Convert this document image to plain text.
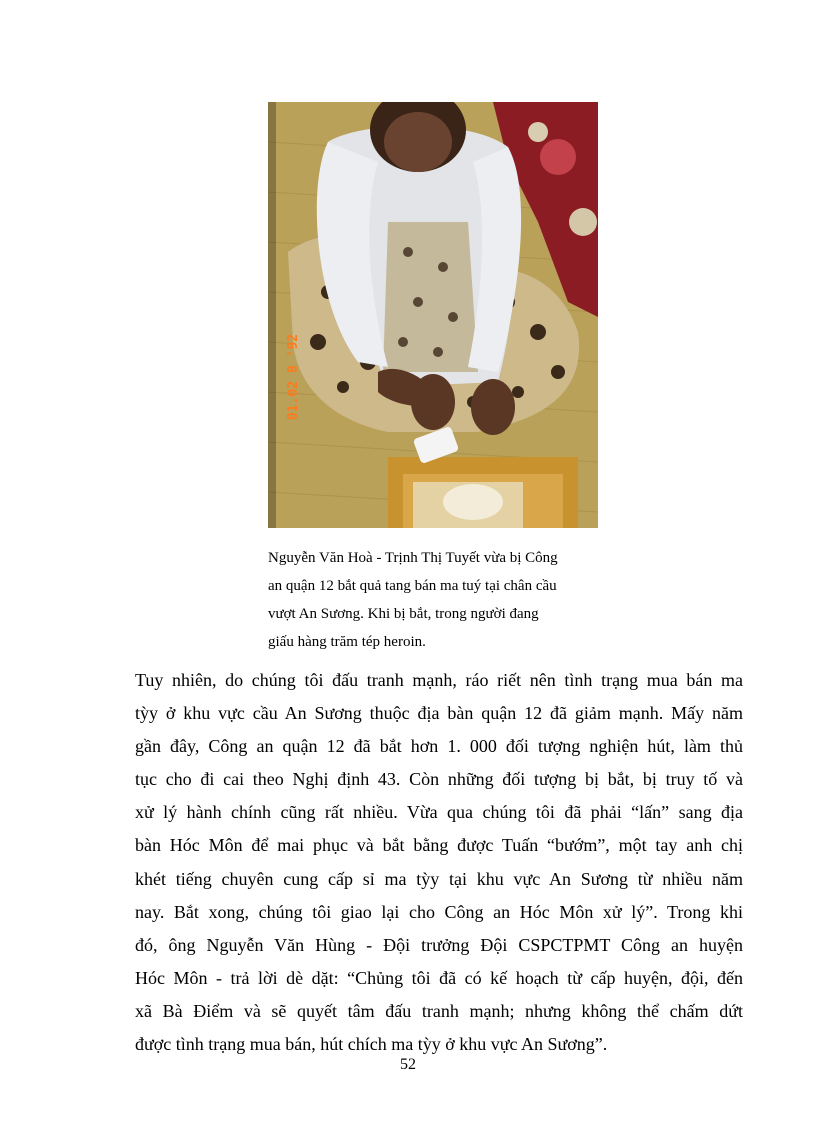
01.02 8 '92

Nguyễn Văn Hoà - Trịnh Thị Tuyết vừa bị Công

an quận 12 bắt quả tang bán ma tuý tại chân cầu

vượt An Sương. Khi bị bắt, trong người đang

giấu hàng trăm tép heroin.

Tuy nhiên, do chúng tôi đấu tranh mạnh, ráo riết nên tình trạng mua bán ma

tỳy ở khu vực cầu An Sương thuộc địa bàn quận 12 đã giảm mạnh. Mấy năm

gần đây, Công an quận 12 đã bắt hơn 1. 000 đối tượng nghiện hút, làm thủ

tục cho đi cai theo Nghị định 43. Còn những đối tượng bị bắt, bị truy tố và

xử lý hành chính cũng rất nhiều. Vừa qua chúng tôi đã phải “lấn” sang địa

bàn Hóc Môn để mai phục và bắt bằng được Tuấn “bướm”, một tay anh chị

khét tiếng chuyên cung cấp sỉ ma tỳy tại khu vực An Sương từ nhiều năm

nay. Bắt xong, chúng tôi giao lại cho Công an Hóc Môn xử lý”. Trong khi

đó, ông Nguyễn Văn Hùng - Đội trưởng Đội CSPCTPMT Công an huyện

Hóc Môn - trả lời dè dặt: “Chủng tôi đã có kế hoạch từ cấp huyện, đội, đến

xã Bà Điểm và sẽ quyết tâm đấu tranh mạnh; nhưng không thể chấm dứt

được tình trạng mua bán, hút chích ma tỳy ở khu vực An Sương”.

52
